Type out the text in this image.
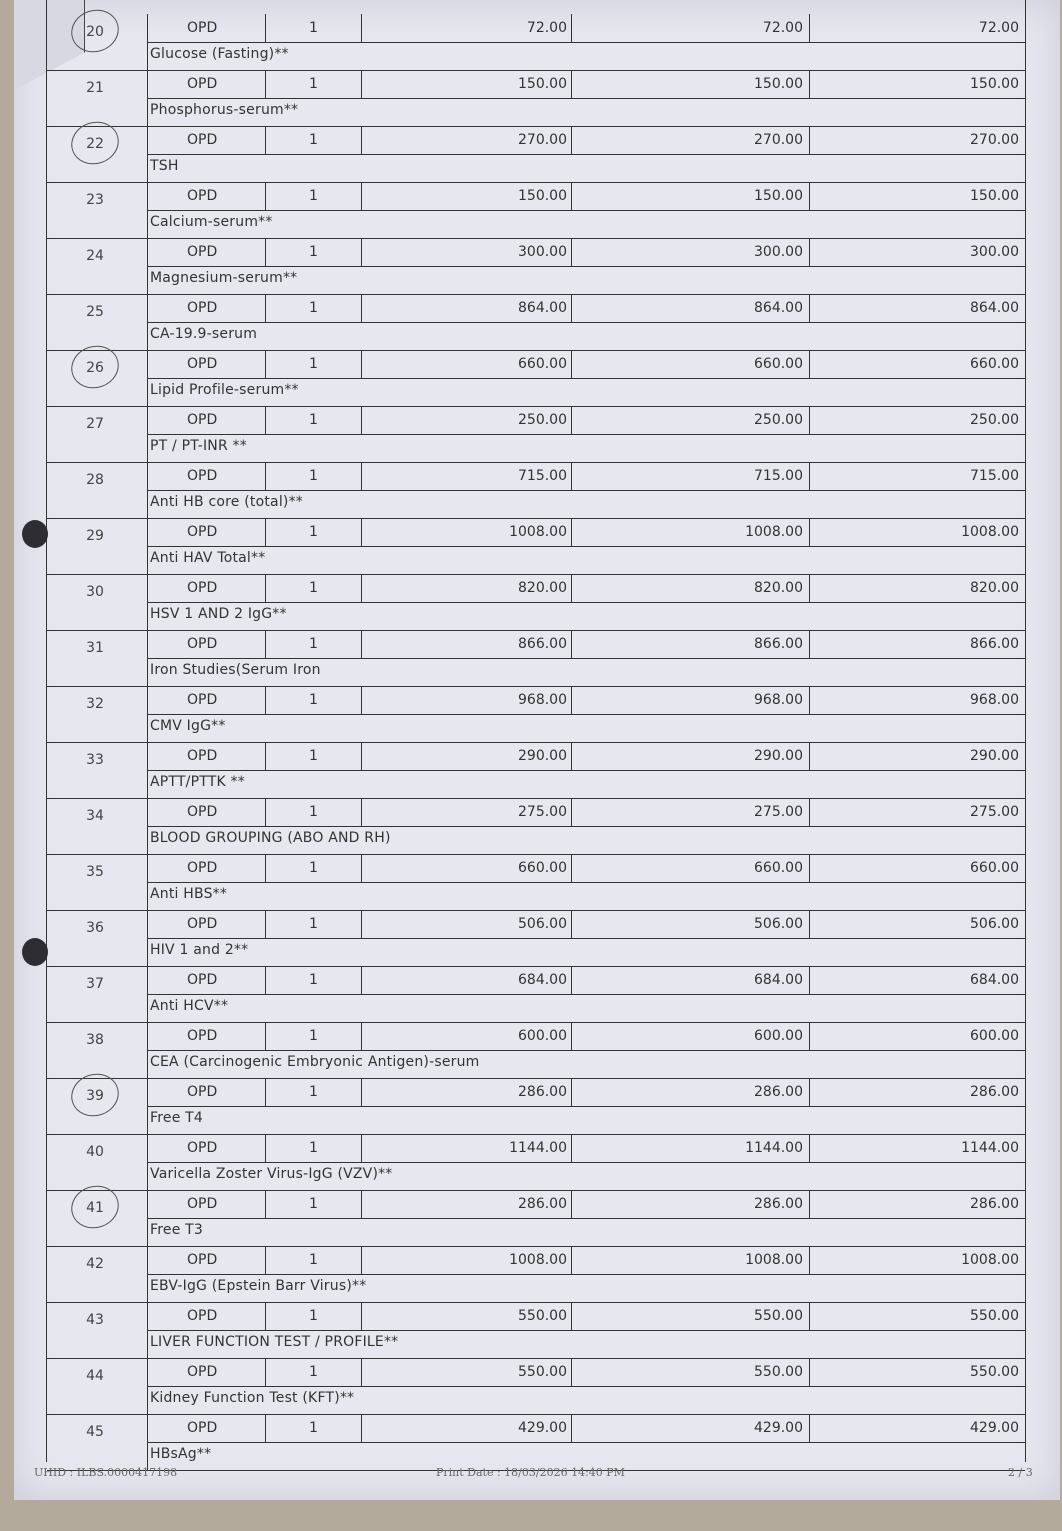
20	OPD	1	72.00	72.00	72.00
Glucose (Fasting)**
21	OPD	1	150.00	150.00	150.00
Phosphorus-serum**
22	OPD	1	270.00	270.00	270.00
TSH
23	OPD	1	150.00	150.00	150.00
Calcium-serum**
24	OPD	1	300.00	300.00	300.00
Magnesium-serum**
25	OPD	1	864.00	864.00	864.00
CA-19.9-serum
26	OPD	1	660.00	660.00	660.00
Lipid Profile-serum**
27	OPD	1	250.00	250.00	250.00
PT / PT-INR **
28	OPD	1	715.00	715.00	715.00
Anti HB core (total)**
29	OPD	1	1008.00	1008.00	1008.00
Anti HAV Total**
30	OPD	1	820.00	820.00	820.00
HSV 1 AND 2 IgG**
31	OPD	1	866.00	866.00	866.00
Iron Studies(Serum Iron
32	OPD	1	968.00	968.00	968.00
CMV IgG**
33	OPD	1	290.00	290.00	290.00
APTT/PTTK **
34	OPD	1	275.00	275.00	275.00
BLOOD GROUPING (ABO AND RH)
35	OPD	1	660.00	660.00	660.00
Anti HBS**
36	OPD	1	506.00	506.00	506.00
HIV 1 and 2**
37	OPD	1	684.00	684.00	684.00
Anti HCV**
38	OPD	1	600.00	600.00	600.00
CEA (Carcinogenic Embryonic Antigen)-serum
39	OPD	1	286.00	286.00	286.00
Free T4
40	OPD	1	1144.00	1144.00	1144.00
Varicella Zoster Virus-IgG (VZV)**
41	OPD	1	286.00	286.00	286.00
Free T3
42	OPD	1	1008.00	1008.00	1008.00
EBV-IgG (Epstein Barr Virus)**
43	OPD	1	550.00	550.00	550.00
LIVER FUNCTION TEST / PROFILE**
44	OPD	1	550.00	550.00	550.00
Kidney Function Test (KFT)**
45	OPD	1	429.00	429.00	429.00
HBsAg**
UHID : ILBS.0000417198	Print Date : 18/03/2026 14:40 PM	2 / 3
